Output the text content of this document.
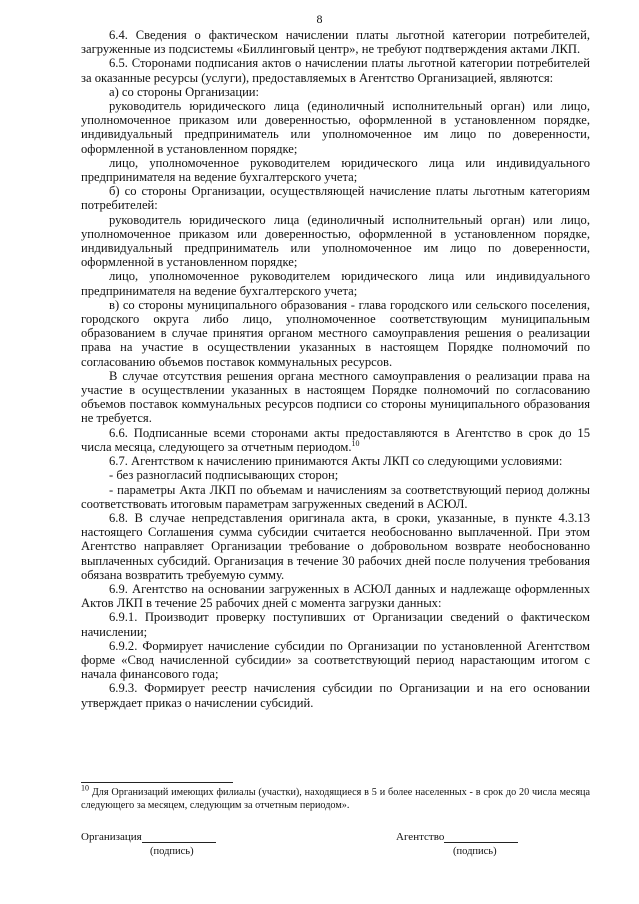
8

6.4. Сведения о фактическом начислении платы льготной категории потребителей, загруженные из подсистемы «Биллинговый центр», не требуют подтверждения актами ЛКП.

6.5. Сторонами подписания актов о начислении платы льготной категории потребителей за оказанные ресурсы (услуги), предоставляемых в Агентство Организацией, являются:

а) со стороны Организации:

руководитель юридического лица (единоличный исполнительный орган) или лицо, уполномоченное приказом или доверенностью, оформленной в установленном порядке, индивидуальный предприниматель или уполномоченное им лицо по доверенности, оформленной в установленном порядке;

лицо, уполномоченное руководителем юридического лица или индивидуального предпринимателя на ведение бухгалтерского учета;

б) со стороны Организации, осуществляющей начисление платы льготным категориям потребителей:

руководитель юридического лица (единоличный исполнительный орган) или лицо, уполномоченное приказом или доверенностью, оформленной в установленном порядке, индивидуальный предприниматель или уполномоченное им лицо по доверенности, оформленной в установленном порядке;

лицо, уполномоченное руководителем юридического лица или индивидуального предпринимателя на ведение бухгалтерского учета;

в) со стороны муниципального образования - глава городского или сельского поселения, городского округа либо лицо, уполномоченное соответствующим муниципальным образованием в случае принятия органом местного самоуправления решения о реализации права на участие в осуществлении указанных в настоящем Порядке полномочий по согласованию объемов поставок коммунальных ресурсов.

В случае отсутствия решения органа местного самоуправления о реализации права на участие в осуществлении указанных в настоящем Порядке полномочий по согласованию объемов поставок коммунальных ресурсов подписи со стороны муниципального образования не требуется.

6.6. Подписанные всеми сторонами акты предоставляются в Агентство в срок до 15 числа месяца, следующего за отчетным периодом.$^{10}$

6.7. Агентством к начислению принимаются Акты ЛКП со следующими условиями:

- без разногласий подписывающих сторон;

- параметры Акта ЛКП по объемам и начислениям за соответствующий период должны соответствовать итоговым параметрам загруженных сведений в АСЮЛ.

6.8. В случае непредставления оригинала акта, в сроки, указанные, в пункте 4.3.13 настоящего Соглашения сумма субсидии считается необоснованно выплаченной. При этом Агентство направляет Организации требование о добровольном возврате необоснованно выплаченных субсидий. Организация в течение 30 рабочих дней после получения требования обязана возвратить требуемую сумму.

6.9. Агентство на основании загруженных в АСЮЛ данных и надлежаще оформленных Актов ЛКП в течение 25 рабочих дней с момента загрузки данных:

6.9.1. Производит проверку поступивших от Организации сведений о фактическом начислении;

6.9.2. Формирует начисление субсидии по Организации по установленной Агентством форме «Свод начисленной субсидии» за соответствующий период нарастающим итогом с начала финансового года;

6.9.3. Формирует реестр начисления субсидии по Организации и на его основании утверждает приказ о начислении субсидий.

$^{10}$ Для Организаций имеющих филиалы (участки), находящиеся в 5 и более населенных - в срок до 20 числа месяца следующего за месяцем, следующим за отчетным периодом».
Организация
(подпись)
Агентство
(подпись)
